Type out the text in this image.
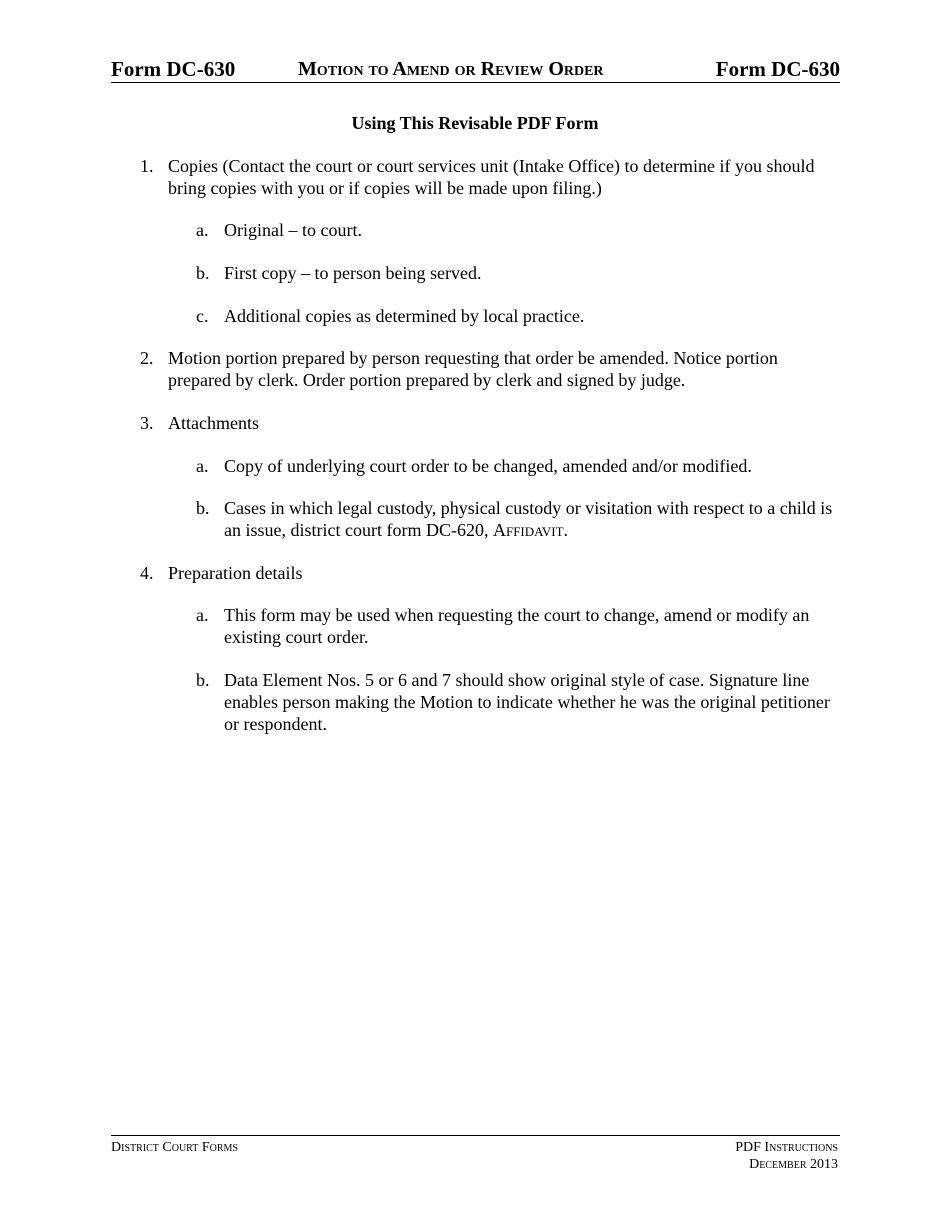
Form DC-630	Motion to Amend or Review Order	Form DC-630
Using This Revisable PDF Form
1. Copies (Contact the court or court services unit (Intake Office) to determine if you should bring copies with you or if copies will be made upon filing.)
a. Original – to court.
b. First copy – to person being served.
c. Additional copies as determined by local practice.
2. Motion portion prepared by person requesting that order be amended. Notice portion prepared by clerk. Order portion prepared by clerk and signed by judge.
3. Attachments
a. Copy of underlying court order to be changed, amended and/or modified.
b. Cases in which legal custody, physical custody or visitation with respect to a child is an issue, district court form DC-620, Affidavit.
4. Preparation details
a. This form may be used when requesting the court to change, amend or modify an existing court order.
b. Data Element Nos. 5 or 6 and 7 should show original style of case. Signature line enables person making the Motion to indicate whether he was the original petitioner or respondent.
District Court Forms	PDF Instructions
December 2013
